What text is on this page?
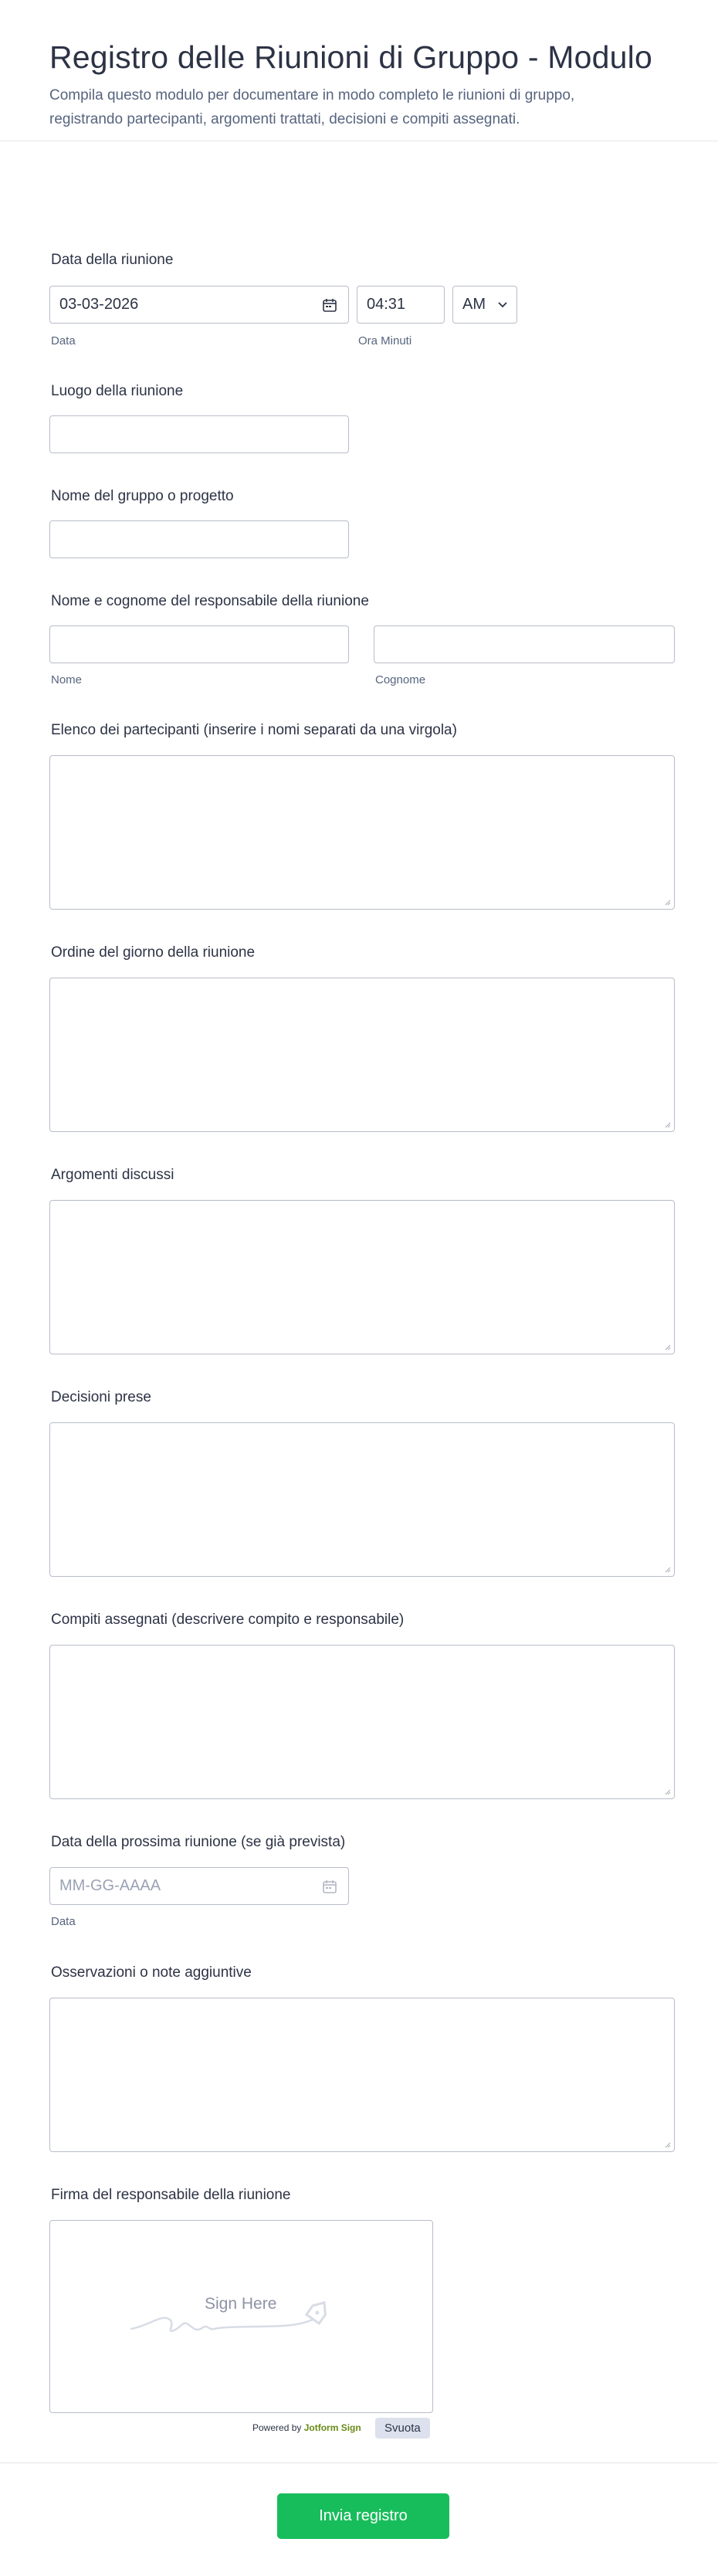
Registro delle Riunioni di Gruppo - Modulo

Compila questo modulo per documentare in modo completo le riunioni di gruppo, registrando partecipanti, argomenti trattati, decisioni e compiti assegnati.

Data della riunione
03-03-2026
Data
04:31
Ora Minuti
AM
Luogo della riunione
Nome del gruppo o progetto
Nome e cognome del responsabile della riunione
Nome	Cognome
Elenco dei partecipanti (inserire i nomi separati da una virgola)
Ordine del giorno della riunione
Argomenti discussi
Decisioni prese
Compiti assegnati (descrivere compito e responsabile)
Data della prossima riunione (se già prevista)
MM-GG-AAAA
Data
Osservazioni o note aggiuntive
Firma del responsabile della riunione
Sign Here
Powered by Jotform Sign	Svuota
Invia registro
